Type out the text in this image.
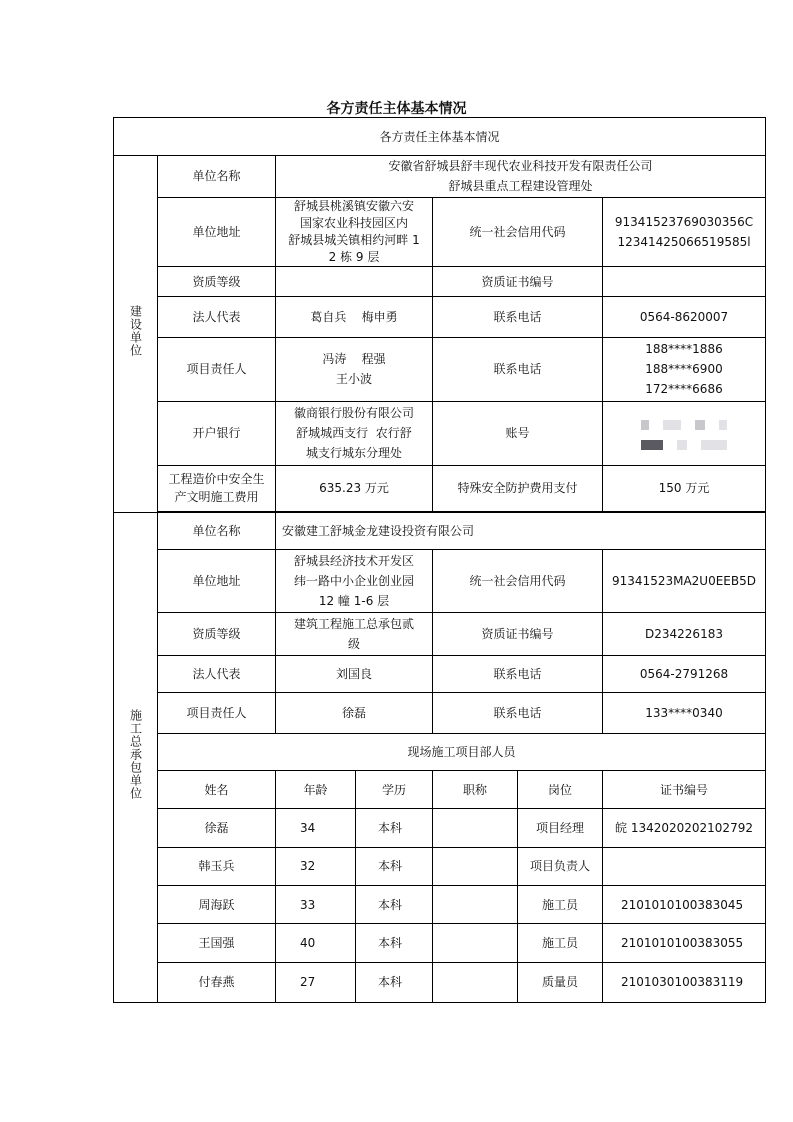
各方责任主体基本情况
各方责任主体基本情况						
建设单位	单位名称	安徽省舒城县舒丰现代农业科技开发有限责任公司
舒城县重点工程建设管理处				
	单位地址	舒城县桃溪镇安徽六安
国家农业科技园区内
舒城县城关镇相约河畔 1
2 栋 9 层		统一社会信用代码		91341523769030356C
12341425066519585l
	资质等级			资质证书编号		
	法人代表	葛自兵    梅申勇		联系电话		0564-8620007
	项目责任人	冯涛    程强
王小波		联系电话		188****1886
188****6900
172****6686
	开户银行	徽商银行股份有限公司
舒城城西支行  农行舒
城支行城东分理处		账号		

	工程造价中安全生
产文明施工费用	635.23 万元		特殊安全防护费用支付		150 万元

施工总承包单位	单位名称	安徽建工舒城金龙建设投资有限公司				
	单位地址	舒城县经济技术开发区
纬一路中小企业创业园
12 幢 1-6 层		统一社会信用代码		91341523MA2U0EEB5D
	资质等级	建筑工程施工总承包贰
级		资质证书编号		D234226183
	法人代表	刘国良		联系电话		0564-2791268
	项目责任人	徐磊		联系电话		133****0340
	现场施工项目部人员					
	姓名	年龄	学历	职称	岗位	证书编号
	徐磊	34	本科		项目经理	皖 1342020202102792
	韩玉兵	32	本科		项目负责人	
	周海跃	33	本科		施工员	2101010100383045
	王国强	40	本科		施工员	2101010100383055
	付春燕	27	本科		质量员	2101030100383119
